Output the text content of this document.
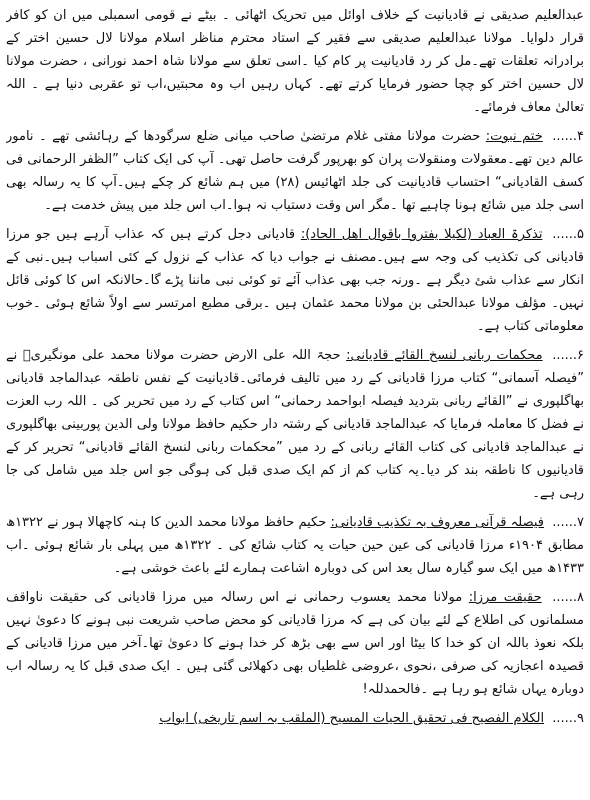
عبدالعلیم صدیقی نے قادیانیت کے خلاف اوائل میں تحریک اٹھائی ۔ بیٹے نے قومی اسمبلی میں ان کو کافر قرار دلوایا۔ مولانا عبدالعلیم صدیقی سے فقیر کے استاد محترم مناظر اسلام مولانا لال حسین اختر کے برادرانہ تعلقات تھے۔مل کر رد قادیانیت پر کام کیا ۔اسی تعلق سے مولانا شاہ احمد نورانی ، حضرت مولانا لال حسین اختر کو چچا حضور فرمایا کرتے تھے۔ کہاں رہیں اب وہ محبتیں،اب تو عقربی دنیا ہے ۔ اللہ تعالیٰ معاف فرمائے۔

۴...... ختم نبوت: حضرت مولانا مفتی غلام مرتضیٰ صاحب میانی ضلع سرگودھا کے رہائشی تھے ۔ نامور عالم دین تھے۔معقولات ومنقولات پران کو بھرپور گرفت حاصل تھی۔ آپ کی ایک کتاب ”الظفر الرحمانی فی کسف القادیانی“ احتساب قادیانیت کی جلد اٹھائیس (۲۸) میں ہم شائع کر چکے ہیں۔آپ کا یہ رسالہ بھی اسی جلد میں شائع ہونا چاہیے تھا ۔مگر اس وقت دستیاب نہ ہوا۔اب اس جلد میں پیش خدمت ہے۔

۵...... تذکرۃ العباد (لکیلا یفتروا باقوال اهل الحاد): قادیانی دجل کرتے ہیں کہ عذاب آرہے ہیں جو مرزا قادیانی کی تکذیب کی وجہ سے ہیں۔مصنف نے جواب دیا کہ عذاب کے نزول کے کئی اسباب ہیں۔نبی کے انکار سے عذاب شئ دیگر ہے ۔ورنہ جب بھی عذاب آئے تو کوئی نبی ماننا پڑے گا۔حالانکہ اس کا کوئی قائل نہیں۔ مؤلف مولانا عبدالحئی بن مولانا محمد عثمان ہیں ۔برقی مطبع امرتسر سے اولاً شائع ہوئی ۔خوب معلوماتی کتاب ہے۔

۶...... محکمات ربانی لنسخ القائے قادیانی: حجۃ اللہ علی الارض حضرت مولانا محمد علی مونگیریؒ نے ”فیصلہ آسمانی“ کتاب مرزا قادیانی کے رد میں تالیف فرمائی۔قادیانیت کے نفس ناطقہ عبدالماجد قادیانی بھاگلپوری نے ”القائے ربانی بتردید فیصلہ ابواحمد رحمانی“ اس کتاب کے رد میں تحریر کی ۔ اللہ رب العزت نے فضل کا معاملہ فرمایا کہ عبدالماجد قادیانی کے رشتہ دار حکیم حافظ مولانا ولی الدین پوربینی بھاگلپوری نے عبدالماجد قادیانی کی کتاب القائے ربانی کے رد میں ”محکمات ربانی لنسخ القائے قادیانی“ تحریر کر کے قادیانیوں کا ناطقہ بند کر دیا۔یہ کتاب کم از کم ایک صدی قبل کی ہوگی جو اس جلد میں شامل کی جا رہی ہے۔

۷...... فیصلہ قرآنی معروف بہ تکذیب قادیانی: حکیم حافظ مولانا محمد الدین کا ہنہ کاچھالا ہور نے ۱۳۲۲ھ مطابق ۱۹۰۴ء مرزا قادیانی کی عین حین حیات یہ کتاب شائع کی ۔ ۱۳۲۲ھ میں پہلی بار شائع ہوئی ۔اب ۱۴۳۳ھ میں ایک سو گیارہ سال بعد اس کی دوبارہ اشاعت ہمارے لئے باعث خوشی ہے۔

۸...... حقیقت مرزا: مولانا محمد یعسوب رحمانی نے اس رسالہ میں مرزا قادیانی کی حقیقت ناواقف مسلمانوں کی اطلاع کے لئے بیان کی ہے کہ مرزا قادیانی کو محض صاحب شریعت نبی ہونے کا دعویٰ نہیں بلکہ نعوذ باللہ ان کو خدا کا بیٹا اور اس سے بھی بڑھ کر خدا ہونے کا دعویٰ تھا۔آخر میں مرزا قادیانی کے قصیدہ اعجازیہ کی صرفی ،نحوی ،عروضی غلطیاں بھی دکھلائی گئی ہیں ۔ ایک صدی قبل کا یہ رسالہ اب دوبارہ یہاں شائع ہو رہا ہے ۔فالحمدللہ!

۹...... الکلام الفصیح فی تحقیق الحیات المسیح (الملقب بہ اسم تاریخی) ابواب
